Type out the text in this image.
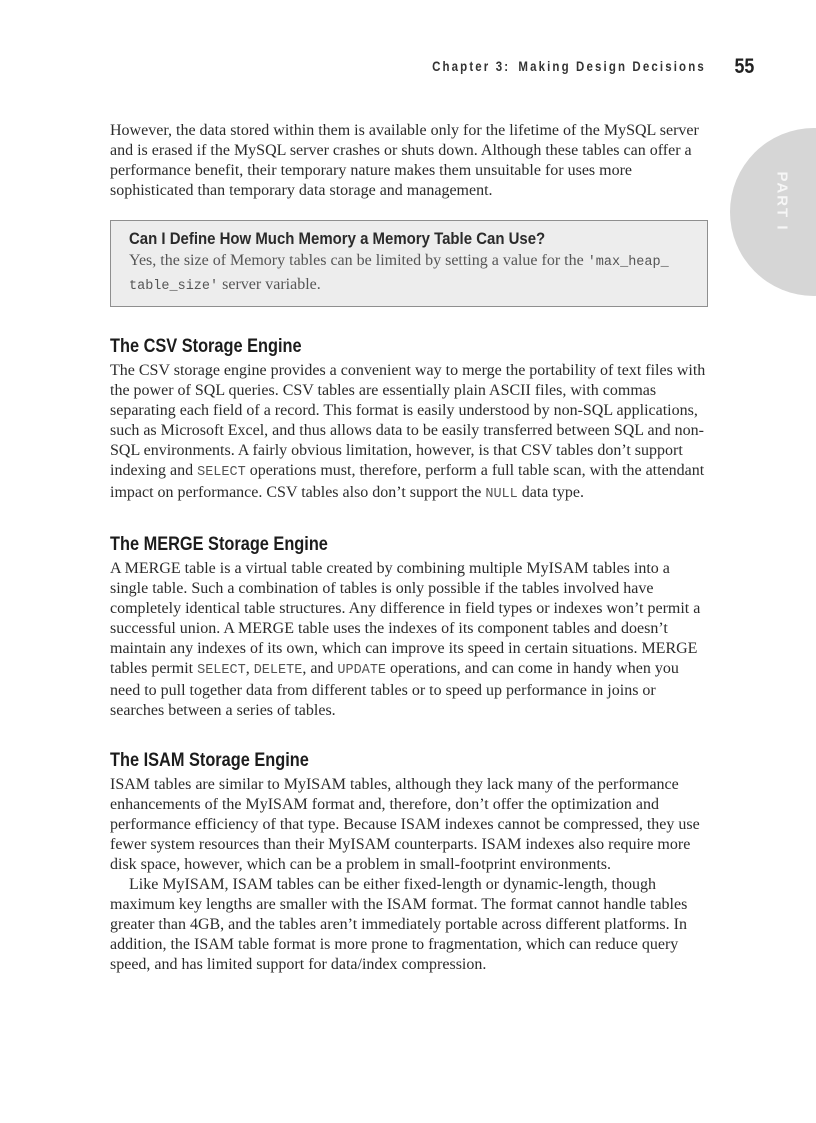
Chapter 3: Making Design Decisions 55
PART I

However, the data stored within them is available only for the lifetime of the MySQL server and is erased if the MySQL server crashes or shuts down. Although these tables can offer a performance benefit, their temporary nature makes them unsuitable for uses more sophisticated than temporary data storage and management.

Can I Define How Much Memory a Memory Table Can Use?

Yes, the size of Memory tables can be limited by setting a value for the 'max_heap_ table_size' server variable.

The CSV Storage Engine

The CSV storage engine provides a convenient way to merge the portability of text files with the power of SQL queries. CSV tables are essentially plain ASCII files, with commas separating each field of a record. This format is easily understood by non-SQL applications, such as Microsoft Excel, and thus allows data to be easily transferred between SQL and non-SQL environments. A fairly obvious limitation, however, is that CSV tables don’t support indexing and SELECT operations must, therefore, perform a full table scan, with the attendant impact on performance. CSV tables also don’t support the NULL data type.

The MERGE Storage Engine

A MERGE table is a virtual table created by combining multiple MyISAM tables into a single table. Such a combination of tables is only possible if the tables involved have completely identical table structures. Any difference in field types or indexes won’t permit a successful union. A MERGE table uses the indexes of its component tables and doesn’t maintain any indexes of its own, which can improve its speed in certain situations. MERGE tables permit SELECT, DELETE, and UPDATE operations, and can come in handy when you need to pull together data from different tables or to speed up performance in joins or searches between a series of tables.

The ISAM Storage Engine

ISAM tables are similar to MyISAM tables, although they lack many of the performance enhancements of the MyISAM format and, therefore, don’t offer the optimization and performance efficiency of that type. Because ISAM indexes cannot be compressed, they use fewer system resources than their MyISAM counterparts. ISAM indexes also require more disk space, however, which can be a problem in small-footprint environments.

Like MyISAM, ISAM tables can be either fixed-length or dynamic-length, though maximum key lengths are smaller with the ISAM format. The format cannot handle tables greater than 4GB, and the tables aren’t immediately portable across different platforms. In addition, the ISAM table format is more prone to fragmentation, which can reduce query speed, and has limited support for data/index compression.
